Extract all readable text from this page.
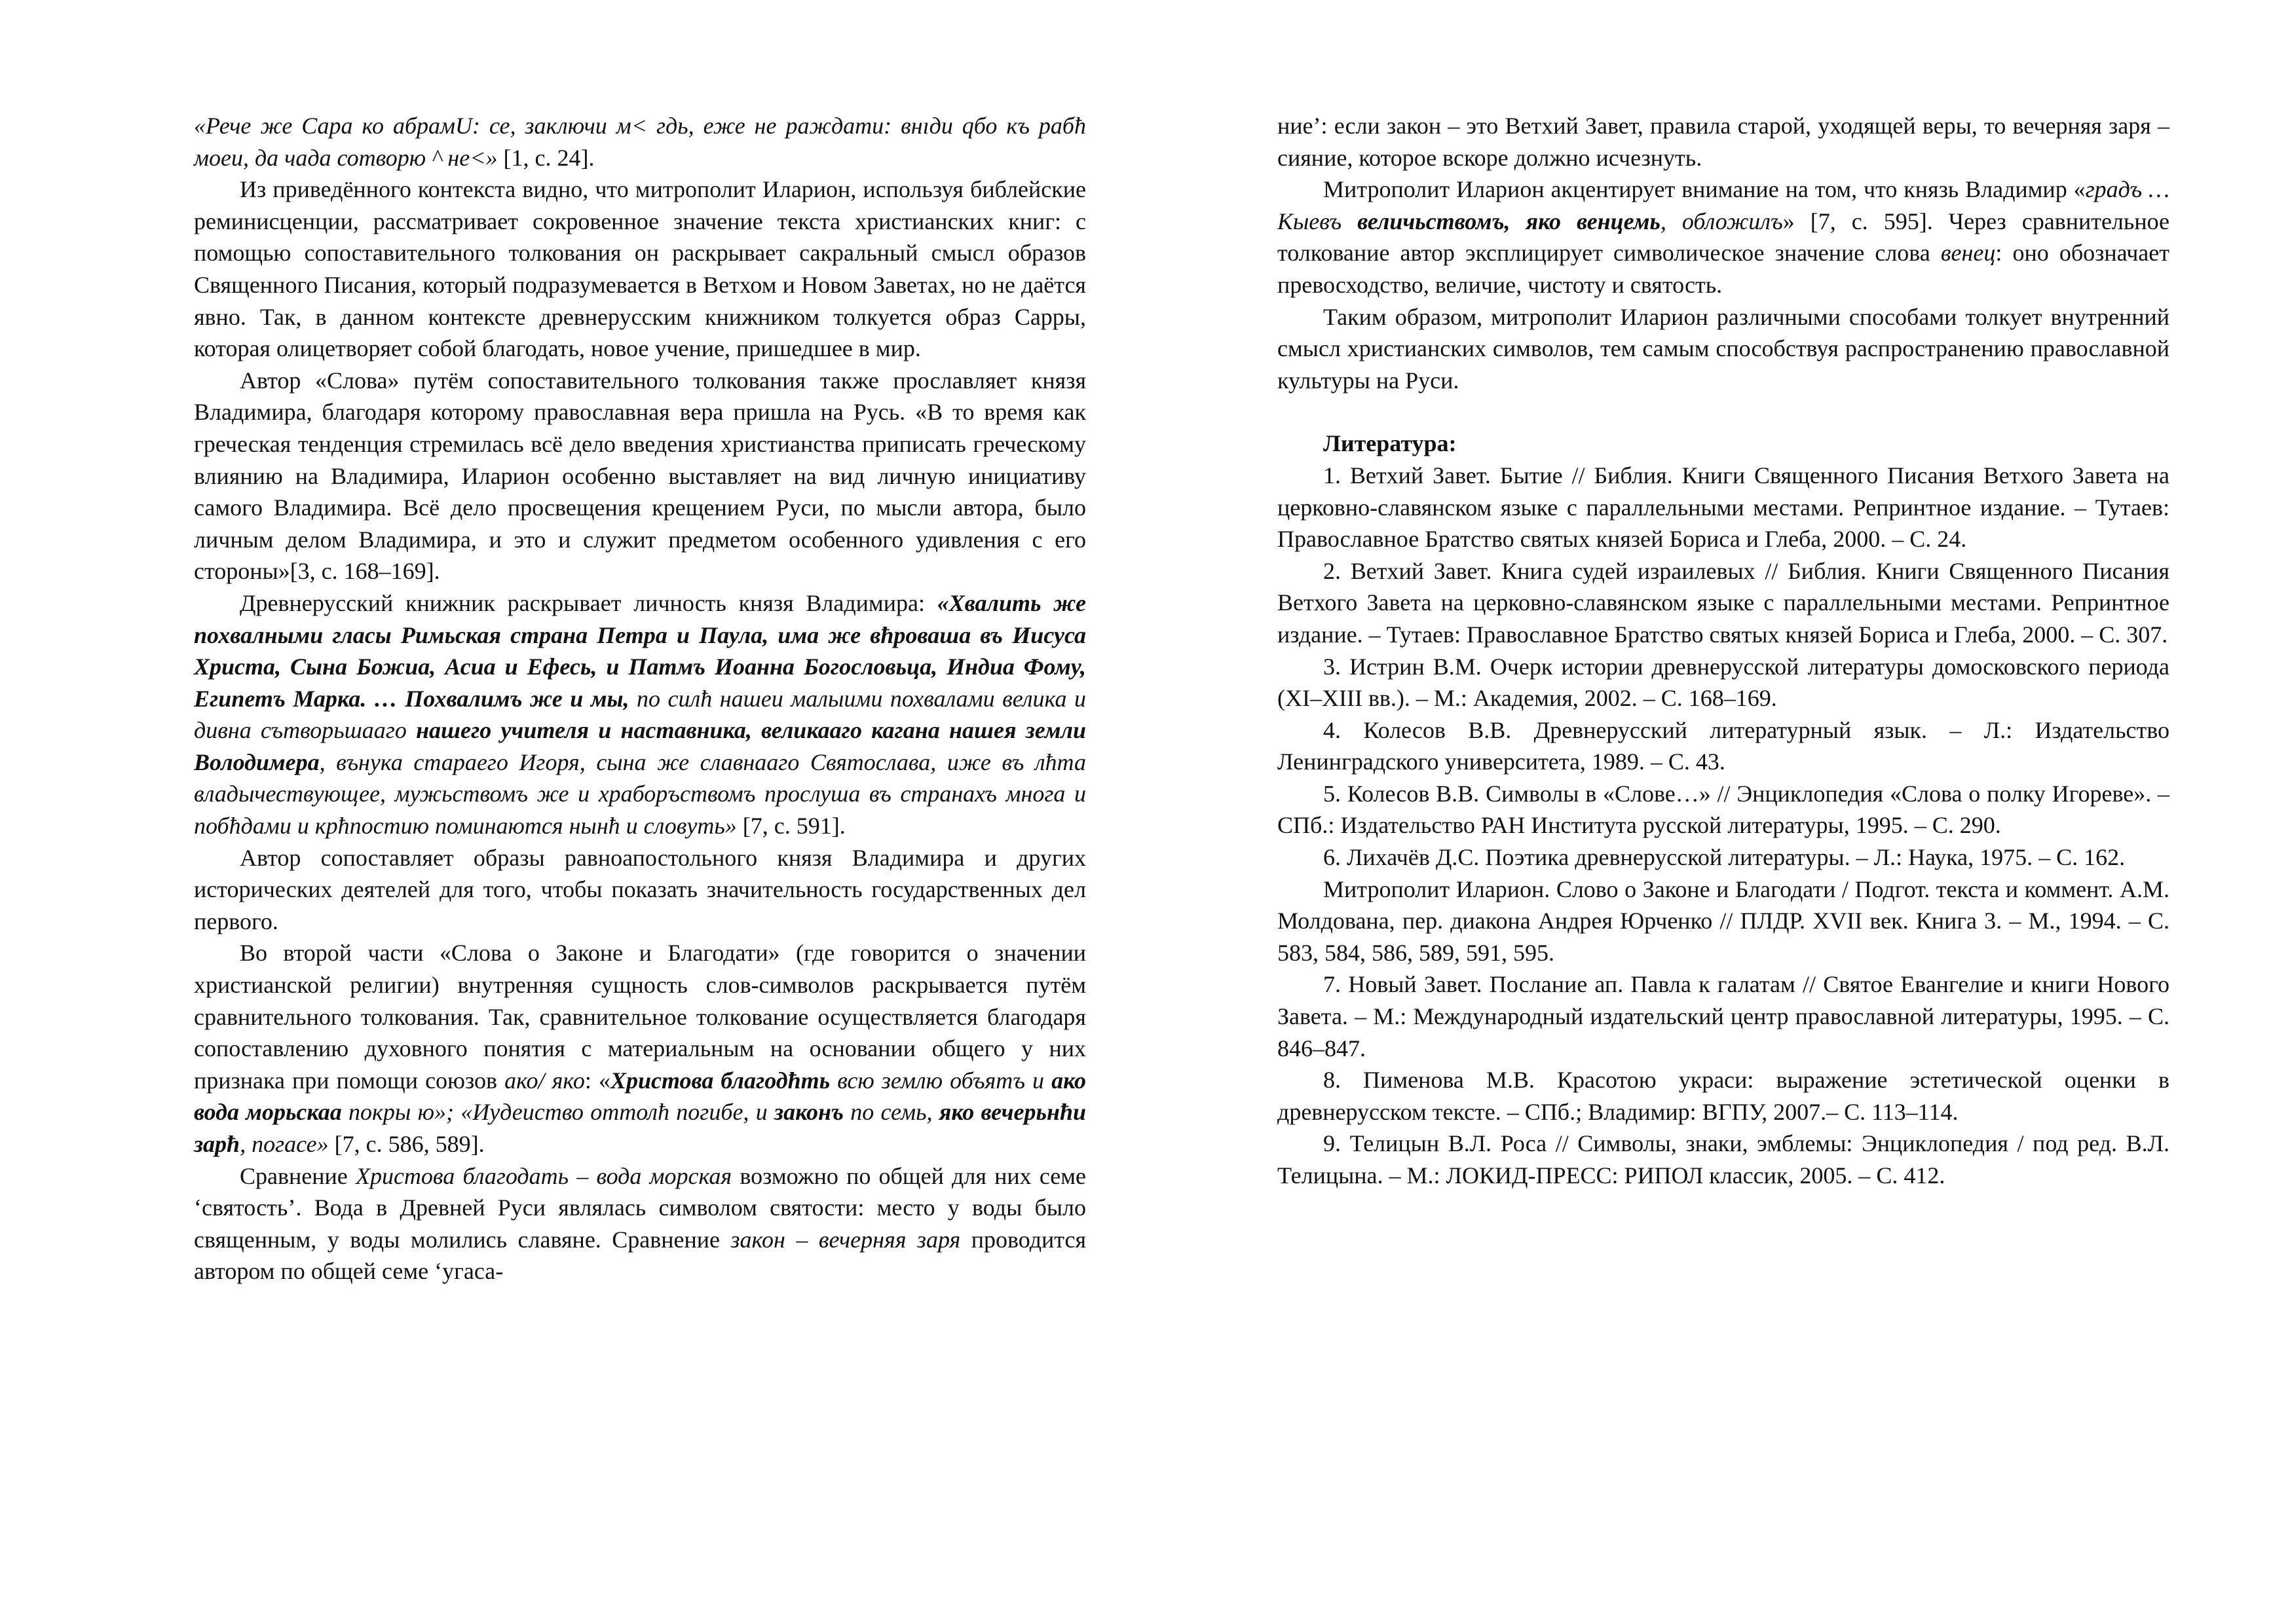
«Рече же Сара ко абрамU: се, заключи м< гдь, еже не раждати: внıди qбо къ рабħ моеи, да чада сотворю ^ не<» [1, с. 24].

Из приведённого контекста видно, что митрополит Иларион, используя библейские реминисценции, рассматривает сокровенное значение текста христианских книг: с помощью сопоставительного толкования он раскрывает сакральный смысл образов Священного Писания, который подразумевается в Ветхом и Новом Заветах, но не даётся явно. Так, в данном контексте древнерусским книжником толкуется образ Сарры, которая олицетворяет собой благодать, новое учение, пришедшее в мир.

Автор «Слова» путём сопоставительного толкования также прославляет князя Владимира, благодаря которому православная вера пришла на Русь. «В то время как греческая тенденция стремилась всё дело введения христианства приписать греческому влиянию на Владимира, Иларион особенно выставляет на вид личную инициативу самого Владимира. Всё дело просвещения крещением Руси, по мысли автора, было личным делом Владимира, и это и служит предметом особенного удивления с его стороны»[3, с. 168–169].

Древнерусский книжник раскрывает личность князя Владимира: «Хвалить же похвалными гласы Римьская страна Петра и Паула, има же вħроваша въ Иисуса Христа, Сына Божиа, Асиа и Ефесь, и Патмъ Иоанна Богословьца, Индиа Фому, Египетъ Марка. … Похвалимъ же и мы, по силħ нашеи малыими похвалами велика и дивна сътворьшааго нашего учителя и наставника, великааго кагана нашея земли Володимера, вънука стараего Игоря, сына же славнааго Святослава, иже въ лħта владычествующее, мужьствомъ же и храборъствомъ прослуша въ странахъ многа и побħдами и крħпостию поминаются нынħ и словуть» [7, с. 591].

Автор сопоставляет образы равноапостольного князя Владимира и других исторических деятелей для того, чтобы показать значительность государственных дел первого.

Во второй части «Слова о Законе и Благодати» (где говорится о значении христианской религии) внутренняя сущность слов-символов раскрывается путём сравнительного толкования. Так, сравнительное толкование осуществляется благодаря сопоставлению духовного понятия с материальным на основании общего у них признака при помощи союзов ако/ яко: «Христова благодħть всю землю объятъ и ако вода морьскаа покры ю»; «Иудеиство оттолħ погибе, и законъ по семь, яко вечерьнħи зарħ, погасе» [7, с. 586, 589].

Сравнение Христова благодать – вода морская возможно по общей для них семе ‘святость’. Вода в Древней Руси являлась символом святости: место у воды было священным, у воды молились славяне. Сравнение закон – вечерняя заря проводится автором по общей семе ‘угаса-

ние’: если закон – это Ветхий Завет, правила старой, уходящей веры, то вечерняя заря – сияние, которое вскоре должно исчезнуть.

Митрополит Иларион акцентирует внимание на том, что князь Владимир «градъ … Кыевъ величьствомъ, яко венцемь, обложилъ» [7, с. 595]. Через сравнительное толкование автор эксплицирует символическое значение слова венец: оно обозначает превосходство, величие, чистоту и святость.

Таким образом, митрополит Иларион различными способами толкует внутренний смысл христианских символов, тем самым способствуя распространению православной культуры на Руси.

Литература:

1. Ветхий Завет. Бытие // Библия. Книги Священного Писания Ветхого Завета на церковно-славянском языке с параллельными местами. Репринтное издание. – Тутаев: Православное Братство святых князей Бориса и Глеба, 2000. – С. 24.

2. Ветхий Завет. Книга судей израилевых // Библия. Книги Священного Писания Ветхого Завета на церковно-славянском языке с параллельными местами. Репринтное издание. – Тутаев: Православное Братство святых князей Бориса и Глеба, 2000. – С. 307.

3. Истрин В.М. Очерк истории древнерусской литературы домосковского периода (XI–XIII вв.). – М.: Академия, 2002. – С. 168–169.

4. Колесов В.В. Древнерусский литературный язык. – Л.: Издательство Ленинградского университета, 1989. – С. 43.

5. Колесов В.В. Символы в «Слове…» // Энциклопедия «Слова о полку Игореве». – СПб.: Издательство РАН Института русской литературы, 1995. – С. 290.

6. Лихачёв Д.С. Поэтика древнерусской литературы. – Л.: Наука, 1975. – С. 162.

Митрополит Иларион. Слово о Законе и Благодати / Подгот. текста и коммент. А.М. Молдована, пер. диакона Андрея Юрченко // ПЛДР. XVII век. Книга 3. – М., 1994. – С. 583, 584, 586, 589, 591, 595.

7. Новый Завет. Послание ап. Павла к галатам // Святое Евангелие и книги Нового Завета. – М.: Международный издательский центр православной литературы, 1995. – С. 846–847.

8. Пименова М.В. Красотою украси: выражение эстетической оценки в древнерусском тексте. – СПб.; Владимир: ВГПУ, 2007.– С. 113–114.

9. Телицын В.Л. Роса // Символы, знаки, эмблемы: Энциклопедия / под ред. В.Л. Телицына. – М.: ЛОКИД-ПРЕСС: РИПОЛ классик, 2005. – С. 412.
